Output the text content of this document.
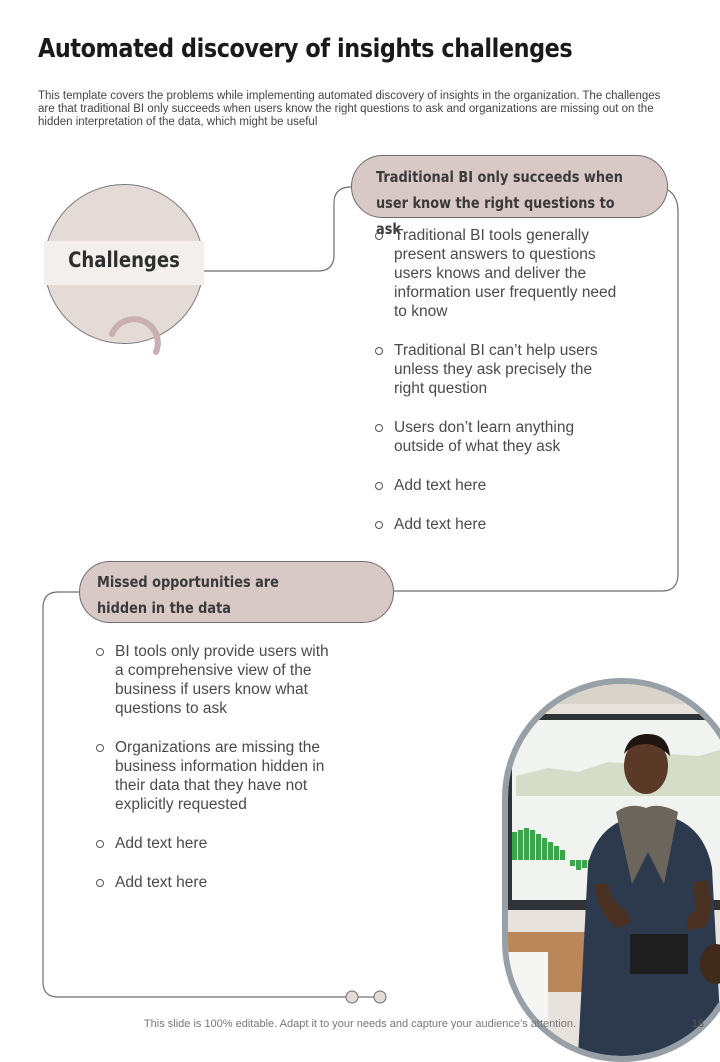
Automated discovery of insights challenges

This template covers the problems while implementing automated discovery of insights in the organization. The challenges are that traditional BI only succeeds when users know the right questions to ask and organizations are missing out on the hidden interpretation of the data, which might be useful

Challenges
Traditional BI only succeeds when
user know the right questions to ask
Traditional BI tools generally present answers to questions users knows and deliver the information user frequently need to know
Traditional BI can’t help users unless they ask precisely the right question
Users don’t learn anything outside of what they ask
Add text here
Add text here
Missed opportunities are
hidden in the data
BI tools only provide users with a comprehensive view of the business if users know what questions to ask
Organizations are missing the business information hidden in their data that they have not explicitly requested
Add text here
Add text here
This slide is 100% editable. Adapt it to your needs and capture your audience’s attention.	18
